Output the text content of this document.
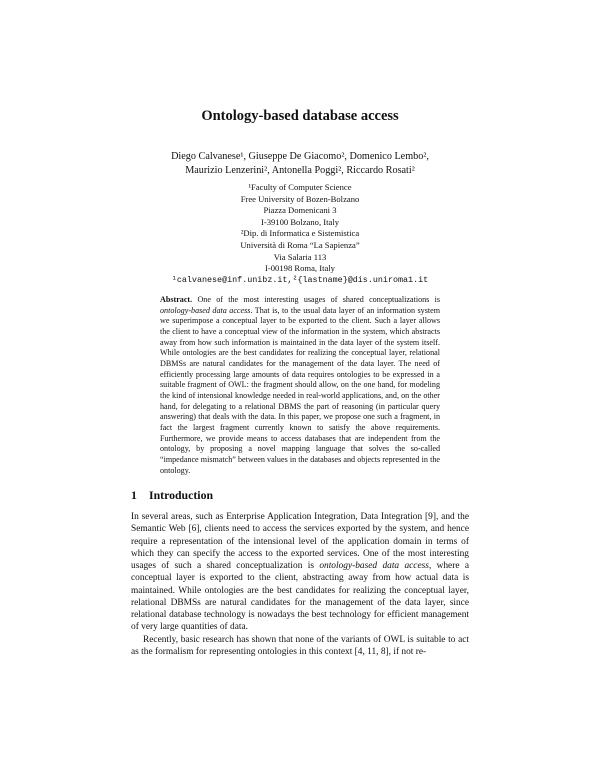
Ontology-based database access
Diego Calvanese¹, Giuseppe De Giacomo², Domenico Lembo²,
Maurizio Lenzerini², Antonella Poggi², Riccardo Rosati²
¹Faculty of Computer Science
Free University of Bozen-Bolzano
Piazza Domenicani 3
I-39100 Bolzano, Italy
²Dip. di Informatica e Sistemistica
Università di Roma “La Sapienza”
Via Salaria 113
I-00198 Roma, Italy
¹calvanese@inf.unibz.it,²{lastname}@dis.uniroma1.it
Abstract. One of the most interesting usages of shared conceptualizations is ontology-based data access. That is, to the usual data layer of an information system we superimpose a conceptual layer to be exported to the client. Such a layer allows the client to have a conceptual view of the information in the system, which abstracts away from how such information is maintained in the data layer of the system itself. While ontologies are the best candidates for realizing the conceptual layer, relational DBMSs are natural candidates for the management of the data layer. The need of efficiently processing large amounts of data requires ontologies to be expressed in a suitable fragment of OWL: the fragment should allow, on the one hand, for modeling the kind of intensional knowledge needed in real-world applications, and, on the other hand, for delegating to a relational DBMS the part of reasoning (in particular query answering) that deals with the data. In this paper, we propose one such a fragment, in fact the largest fragment currently known to satisfy the above requirements. Furthermore, we provide means to access databases that are independent from the ontology, by proposing a novel mapping language that solves the so-called “impedance mismatch” between values in the databases and objects represented in the ontology.
1 Introduction

In several areas, such as Enterprise Application Integration, Data Integration [9], and the Semantic Web [6], clients need to access the services exported by the system, and hence require a representation of the intensional level of the application domain in terms of which they can specify the access to the exported services. One of the most interesting usages of such a shared conceptualization is ontology-based data access, where a conceptual layer is exported to the client, abstracting away from how actual data is maintained. While ontologies are the best candidates for realizing the conceptual layer, relational DBMSs are natural candidates for the management of the data layer, since relational database technology is nowadays the best technology for efficient management of very large quantities of data.

Recently, basic research has shown that none of the variants of OWL is suitable to act as the formalism for representing ontologies in this context [4, 11, 8], if not re-
